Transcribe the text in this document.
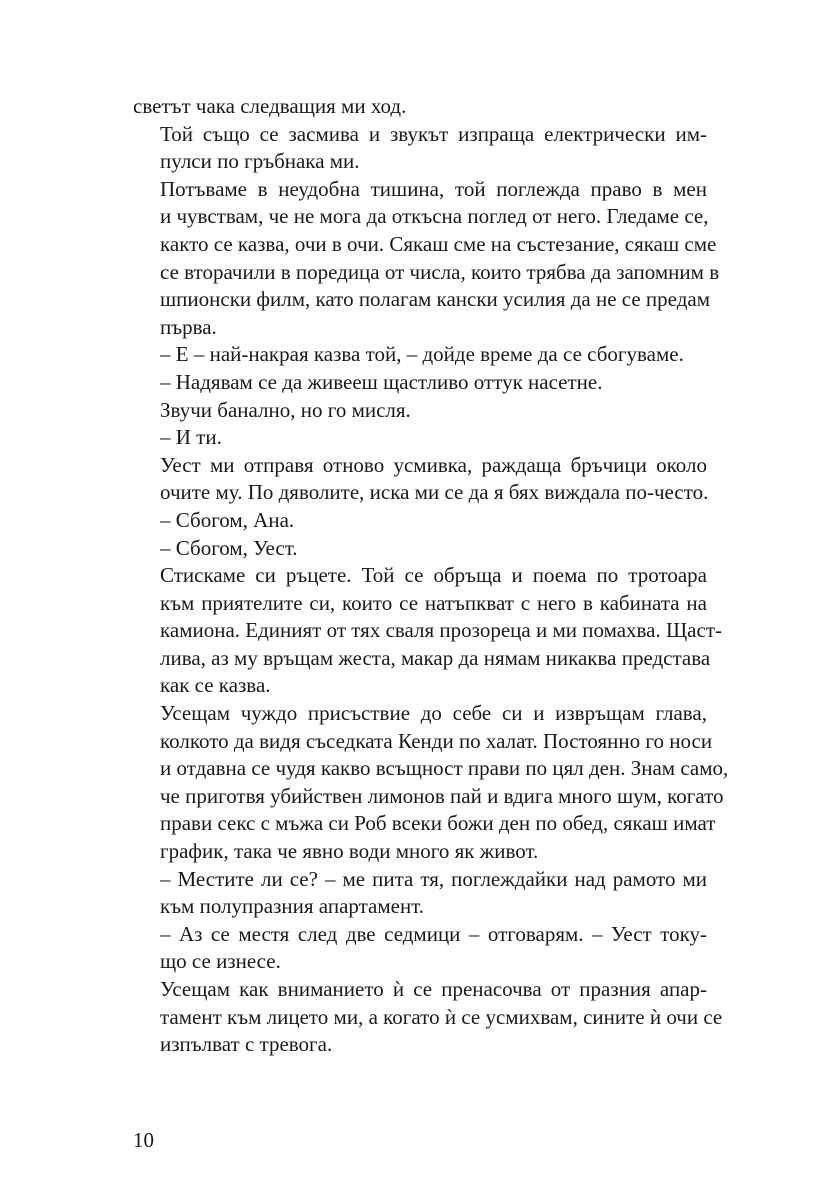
светът чака следващия ми ход.

Той също се засмива и звукът изпраща електрически им-
пулси по гръбнака ми.

Потъваме в неудобна тишина, той поглежда право в мен
и чувствам, че не мога да откъсна поглед от него. Гледаме се,
както се казва, очи в очи. Сякаш сме на състезание, сякаш сме
се вторачили в поредица от числа, които трябва да запомним в
шпионски филм, като полагам кански усилия да не се предам
първа.

– Е – най-накрая казва той, – дойде време да се сбогуваме.

– Надявам се да живееш щастливо оттук насетне.

Звучи банално, но го мисля.

– И ти.

Уест ми отправя отново усмивка, раждаща бръчици около
очите му. По дяволите, иска ми се да я бях виждала по-често.

– Сбогом, Ана.

– Сбогом, Уест.

Стискаме си ръцете. Той се обръща и поема по тротоара
към приятелите си, които се натъпкват с него в кабината на
камиона. Единият от тях сваля прозореца и ми помахва. Щаст-
лива, аз му връщам жеста, макар да нямам никаква представа
как се казва.

Усещам чуждо присъствие до себе си и извръщам глава,
колкото да видя съседката Кенди по халат. Постоянно го носи
и отдавна се чудя какво всъщност прави по цял ден. Знам само,
че приготвя убийствен лимонов пай и вдига много шум, когато
прави секс с мъжа си Роб всеки божи ден по обед, сякаш имат
график, така че явно води много як живот.

– Местите ли се? – ме пита тя, поглеждайки над рамото ми
към полупразния апартамент.

– Аз се местя след две седмици – отговарям. – Уест току-
що се изнесе.

Усещам как вниманието ѝ се пренасочва от празния апар-
тамент към лицето ми, а когато ѝ се усмихвам, сините ѝ очи се
изпълват с тревога.

10
